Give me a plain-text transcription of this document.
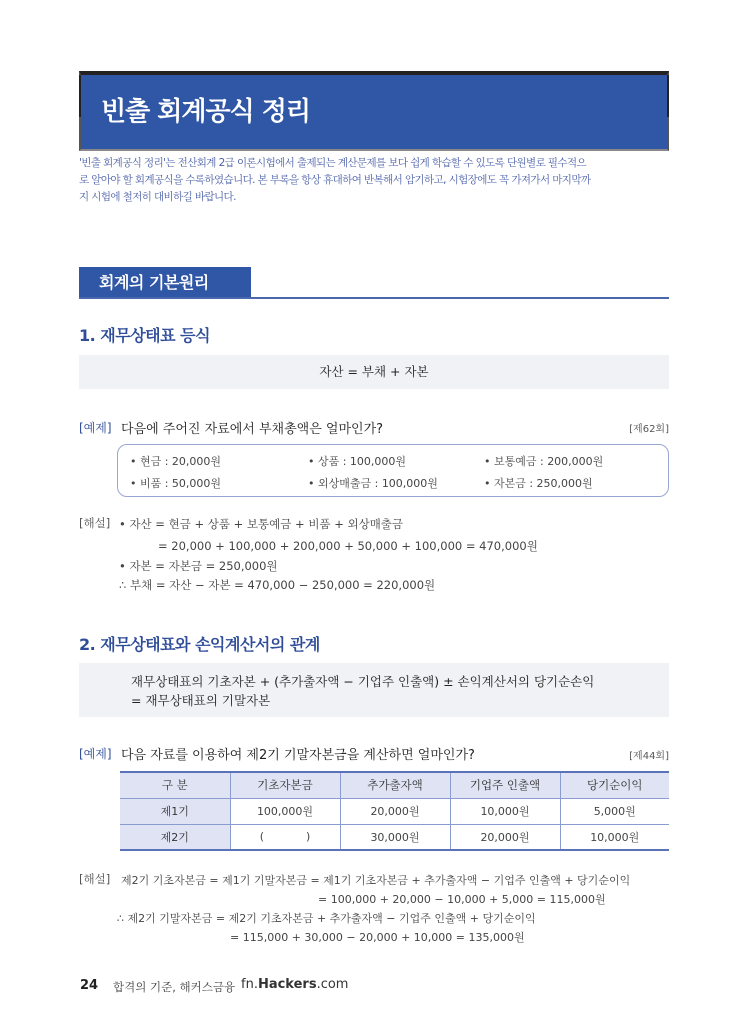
빈출 회계공식 정리
'빈출 회계공식 정리'는 전산회계 2급 이론시험에서 출제되는 계산문제를 보다 쉽게 학습할 수 있도록 단원별로 필수적으
로 알아야 할 회계공식을 수록하였습니다. 본 부록을 항상 휴대하여 반복해서 암기하고, 시험장에도 꼭 가져가서 마지막까
지 시험에 철저히 대비하길 바랍니다.
회계의 기본원리
1. 재무상태표 등식
자산 = 부채 + 자본
[예제] 다음에 주어진 자료에서 부채총액은 얼마인가?	[제62회]
• 현금 : 20,000원	• 상품 : 100,000원	• 보통예금 : 200,000원
• 비품 : 50,000원	• 외상매출금 : 100,000원	• 자본금 : 250,000원
[해설] • 자산 = 현금 + 상품 + 보통예금 + 비품 + 외상매출금
= 20,000 + 100,000 + 200,000 + 50,000 + 100,000 = 470,000원
• 자본 = 자본금 = 250,000원
∴ 부채 = 자산 − 자본 = 470,000 − 250,000 = 220,000원
2. 재무상태표와 손익계산서의 관계
재무상태표의 기초자본 + (추가출자액 − 기업주 인출액) ± 손익계산서의 당기순손익
= 재무상태표의 기말자본
[예제] 다음 자료를 이용하여 제2기 기말자본금을 계산하면 얼마인가?	[제44회]
구 분	기초자본금	추가출자액	기업주 인출액	당기순이익
제1기	100,000원	20,000원	10,000원	5,000원
제2기	(            )	30,000원	20,000원	10,000원
[해설] 제2기 기초자본금 = 제1기 기말자본금 = 제1기 기초자본금 + 추가출자액 − 기업주 인출액 + 당기순이익
= 100,000 + 20,000 − 10,000 + 5,000 = 115,000원
∴ 제2기 기말자본금 = 제2기 기초자본금 + 추가출자액 − 기업주 인출액 + 당기순이익
= 115,000 + 30,000 − 20,000 + 10,000 = 135,000원
24 합격의 기준, 해커스금융 fn.Hackers.com
